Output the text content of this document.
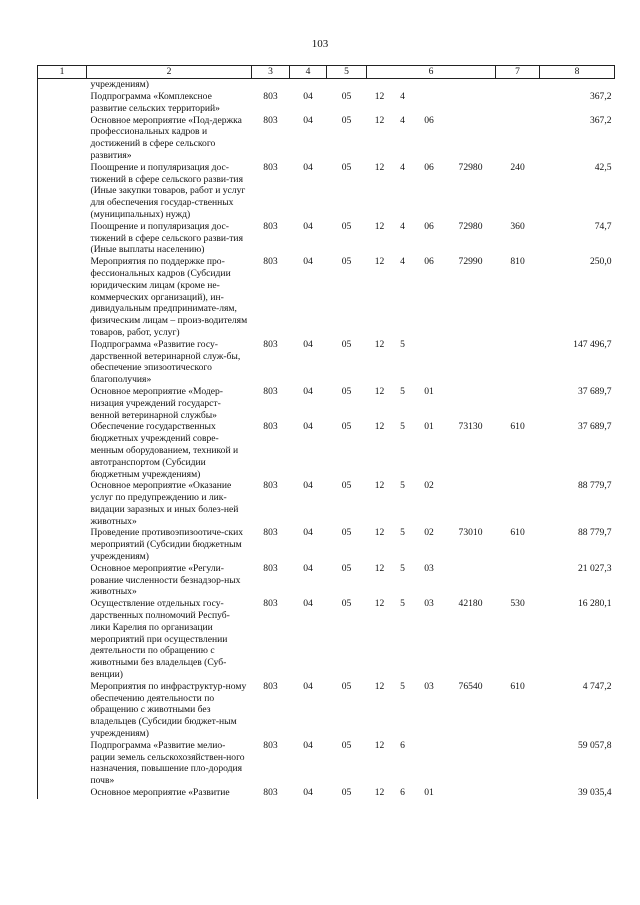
103
1	2	3	4	5	6				7	8
	учреждениям)									
	Подпрограмма «Комплексное развитие сельских территорий»	803	04	05	12	4				367,2
	Основное мероприятие «Под-держка профессиональных кадров и достижений в сфере сельского развития»	803	04	05	12	4	06			367,2
	Поощрение и популяризация дос-тижений в сфере сельского разви-тия (Иные закупки товаров, работ и услуг для обеспечения государ-ственных (муниципальных) нужд)	803	04	05	12	4	06	72980	240	42,5
	Поощрение и популяризация дос-тижений в сфере сельского разви-тия (Иные выплаты населению)	803	04	05	12	4	06	72980	360	74,7
	Мероприятия по поддержке про-фессиональных кадров (Субсидии юридическим лицам (кроме не-коммерческих организаций), ин-дивидуальным предпринимате-лям, физическим лицам – произ-водителям товаров, работ, услуг)	803	04	05	12	4	06	72990	810	250,0
	Подпрограмма «Развитие госу-дарственной ветеринарной служ-бы, обеспечение эпизоотического благополучия»	803	04	05	12	5				147 496,7
	Основное мероприятие «Модер-низация учреждений государст-венной ветеринарной службы»	803	04	05	12	5	01			37 689,7
	Обеспечение государственных бюджетных учреждений совре-менным оборудованием, техникой и автотранспортом (Субсидии бюджетным учреждениям)	803	04	05	12	5	01	73130	610	37 689,7
	Основное мероприятие «Оказание услуг по предупреждению и лик-видации заразных и иных болез-ней животных»	803	04	05	12	5	02			88 779,7
	Проведение противоэпизоотиче-ских мероприятий (Субсидии бюджетным учреждениям)	803	04	05	12	5	02	73010	610	88 779,7
	Основное мероприятие «Регули-рование численности безнадзор-ных животных»	803	04	05	12	5	03			21 027,3
	Осуществление отдельных госу-дарственных полномочий Респуб-лики Карелия по организации мероприятий при осуществлении деятельности по обращению с животными без владельцев (Суб-венции)	803	04	05	12	5	03	42180	530	16 280,1
	Мероприятия по инфраструктур-ному обеспечению деятельности по обращению с животными без владельцев (Субсидии бюджет-ным учреждениям)	803	04	05	12	5	03	76540	610	4 747,2
	Подпрограмма «Развитие мелио-рации земель сельскохозяйствен-ного назначения, повышение пло-дородия почв»	803	04	05	12	6				59 057,8
	Основное мероприятие «Развитие	803	04	05	12	6	01			39 035,4
